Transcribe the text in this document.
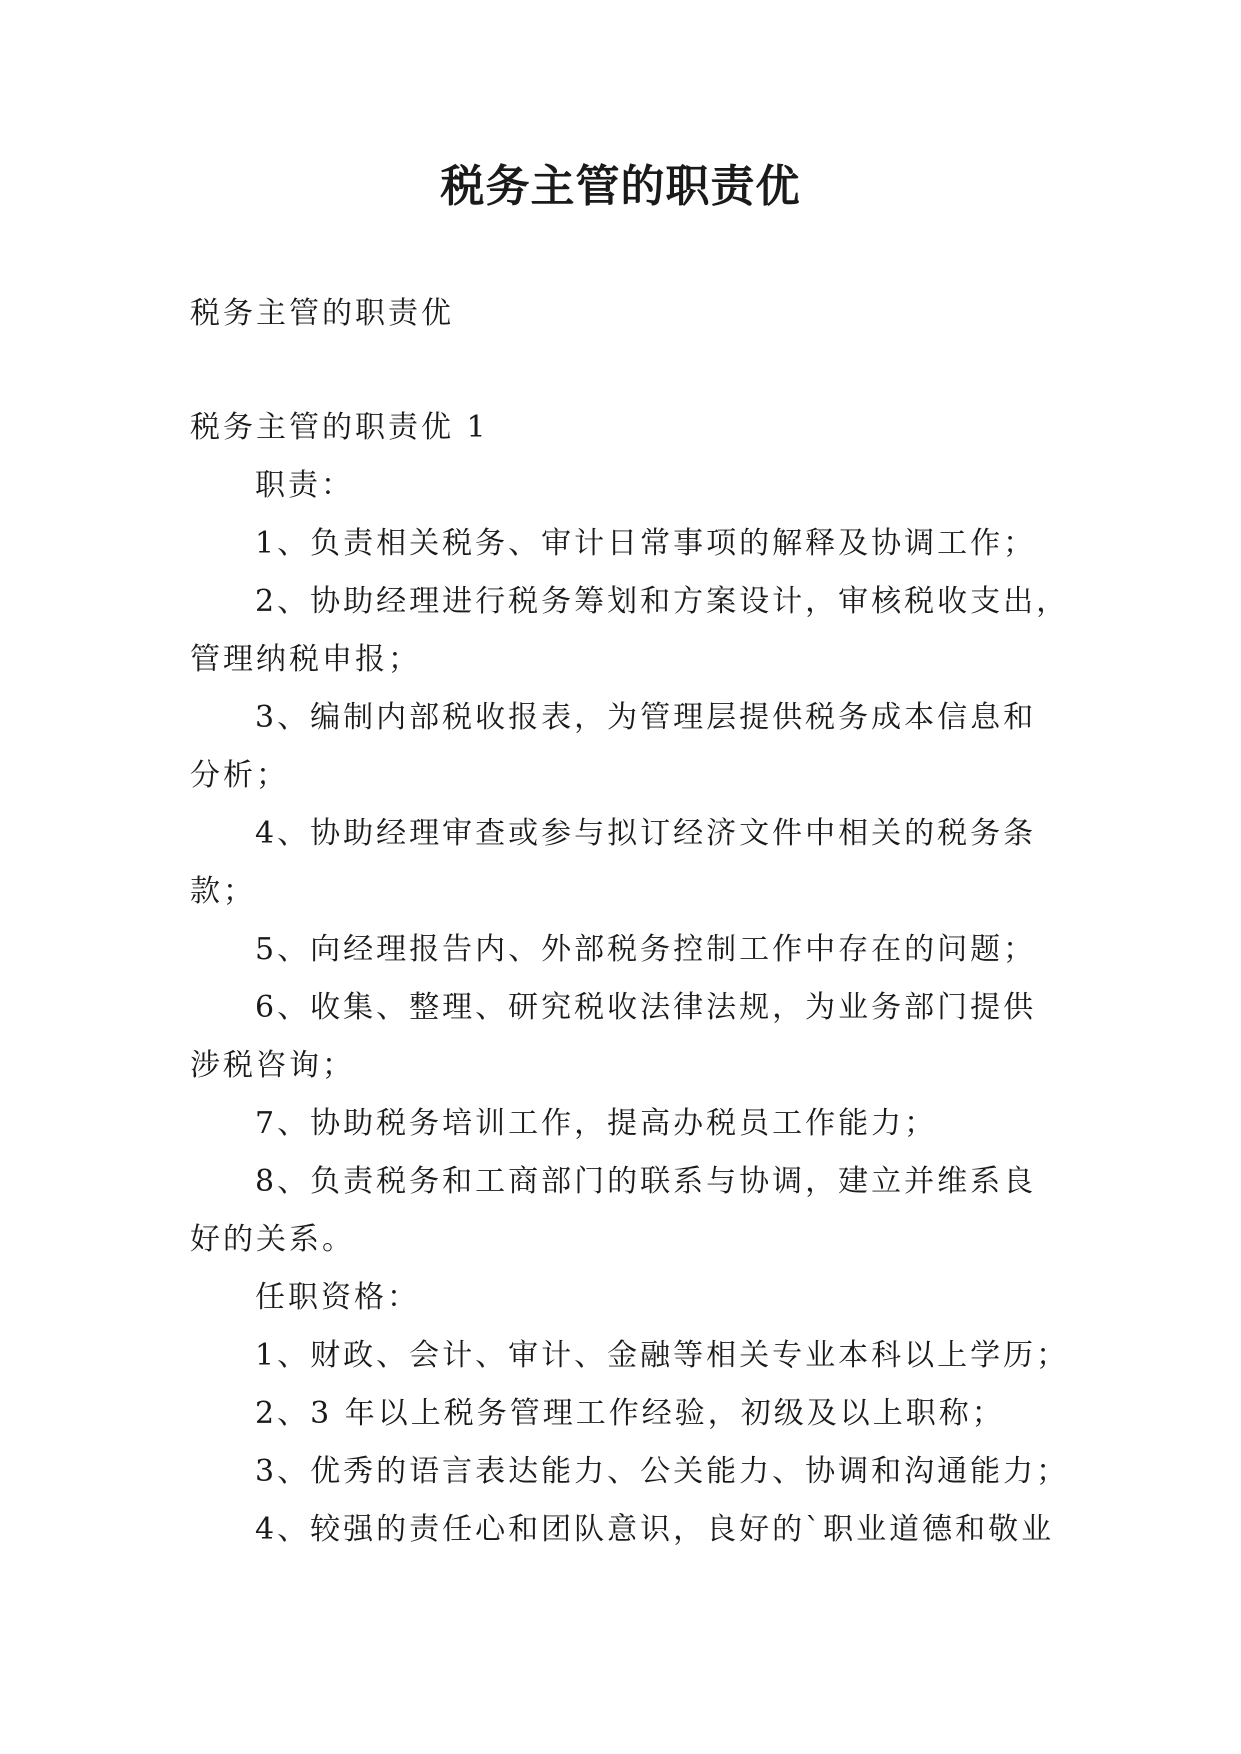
税务主管的职责优
税务主管的职责优
税务主管的职责优 1
职责：
1、负责相关税务、审计日常事项的解释及协调工作；
2、协助经理进行税务筹划和方案设计，审核税收支出，
管理纳税申报；
3、编制内部税收报表，为管理层提供税务成本信息和
分析；
4、协助经理审查或参与拟订经济文件中相关的税务条
款；
5、向经理报告内、外部税务控制工作中存在的问题；
6、收集、整理、研究税收法律法规，为业务部门提供
涉税咨询；
7、协助税务培训工作，提高办税员工作能力；
8、负责税务和工商部门的联系与协调，建立并维系良
好的关系。
任职资格：
1、财政、会计、审计、金融等相关专业本科以上学历；
2、3 年以上税务管理工作经验，初级及以上职称；
3、优秀的语言表达能力、公关能力、协调和沟通能力；
4、较强的责任心和团队意识，良好的`职业道德和敬业
